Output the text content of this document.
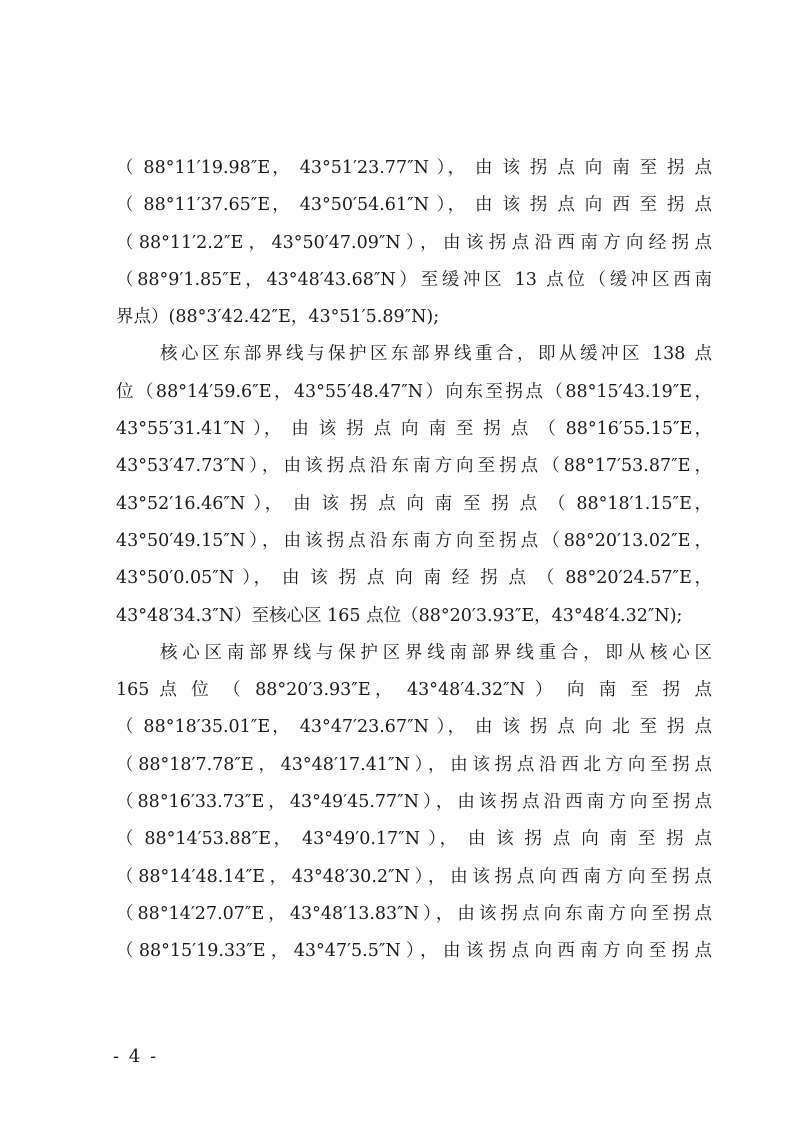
（ 88°11′19.98″E， 43°51′23.77″N ）， 由 该 拐 点 向 南 至 拐 点
（ 88°11′37.65″E， 43°50′54.61″N ）， 由 该 拐 点 向 西 至 拐 点
（88°11′2.2″E，43°50′47.09″N），由该拐点沿西南方向经拐点
（88°9′1.85″E，43°48′43.68″N）至缓冲区 13 点位（缓冲区西南
界点）(88°3′42.42″E，43°51′5.89″N);
核心区东部界线与保护区东部界线重合，即从缓冲区 138 点
位（88°14′59.6″E，43°55′48.47″N）向东至拐点（88°15′43.19″E，
43°55′31.41″N ）， 由 该 拐 点 向 南 至 拐 点 （ 88°16′55.15″E，
43°53′47.73″N），由该拐点沿东南方向至拐点（88°17′53.87″E，
43°52′16.46″N ）， 由 该 拐 点 向 南 至 拐 点 （ 88°18′1.15″E，
43°50′49.15″N），由该拐点沿东南方向至拐点（88°20′13.02″E，
43°50′0.05″N ）， 由 该 拐 点 向 南 经 拐 点 （ 88°20′24.57″E，
43°48′34.3″N）至核心区 165 点位（88°20′3.93″E，43°48′4.32″N);
核心区南部界线与保护区界线南部界线重合，即从核心区
165 点 位 （ 88°20′3.93″E， 43°48′4.32″N ） 向 南 至 拐 点
（ 88°18′35.01″E， 43°47′23.67″N ）， 由 该 拐 点 向 北 至 拐 点
（88°18′7.78″E，43°48′17.41″N），由该拐点沿西北方向至拐点
（88°16′33.73″E，43°49′45.77″N），由该拐点沿西南方向至拐点
（ 88°14′53.88″E， 43°49′0.17″N ）， 由 该 拐 点 向 南 至 拐 点
（88°14′48.14″E，43°48′30.2″N），由该拐点向西南方向至拐点
（88°14′27.07″E，43°48′13.83″N），由该拐点向东南方向至拐点
（88°15′19.33″E，43°47′5.5″N），由该拐点向西南方向至拐点
- 4 -
